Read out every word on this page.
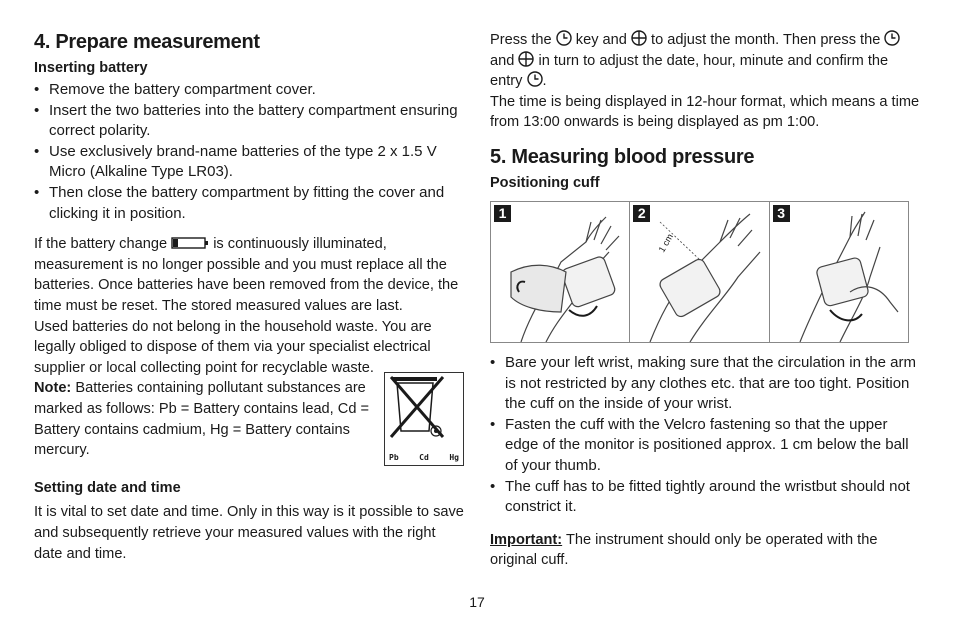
4. Prepare measurement
Inserting battery
• Remove the battery compartment cover.
• Insert the two batteries into the battery compartment ensuring correct polarity.
• Use exclusively brand-name batteries of the type 2 x 1.5 V Micro (Alkaline Type LR03).
• Then close the battery compartment by fitting the cover and clicking it in position.

If the battery change	is continuously illuminated, measurement is no longer possible and you must replace all the batteries. Once batteries have been removed from the device, the time must be reset. The stored measured values are last.

Used batteries do not belong in the household waste. You are legally obliged to dispose of them via your specialist electrical supplier or local collecting point for recyclable waste.

Note: Batteries containing pollutant substances are marked as follows: Pb = Battery contains lead, Cd = Battery contains cadmium, Hg = Battery contains mercury.	Pb	Cd	Hg
Setting date and time

It is vital to set date and time. Only in this way is it possible to save and subsequently retrieve your measured values with the right date and time.

Press the key and to adjust the month. Then press the  and in turn to adjust the date, hour, minute and confirm the entry .

The time is being displayed in 12-hour format, which means a time from 13:00 onwards is being displayed as pm 1:00.

5. Measuring blood pressure
Positioning cuff
1
1 cm
2	3
• Bare your left wrist, making sure that the circulation in the arm is not restricted by any clothes etc. that are too tight. Position the cuff on the inside of your wrist.
• Fasten the cuff with the Velcro fastening so that the upper edge of the monitor is positioned approx. 1 cm below the ball of your thumb.
• The cuff has to be fitted tightly around the wristbut should not constrict it.

Important: The instrument should only be operated with the original cuff.

17
